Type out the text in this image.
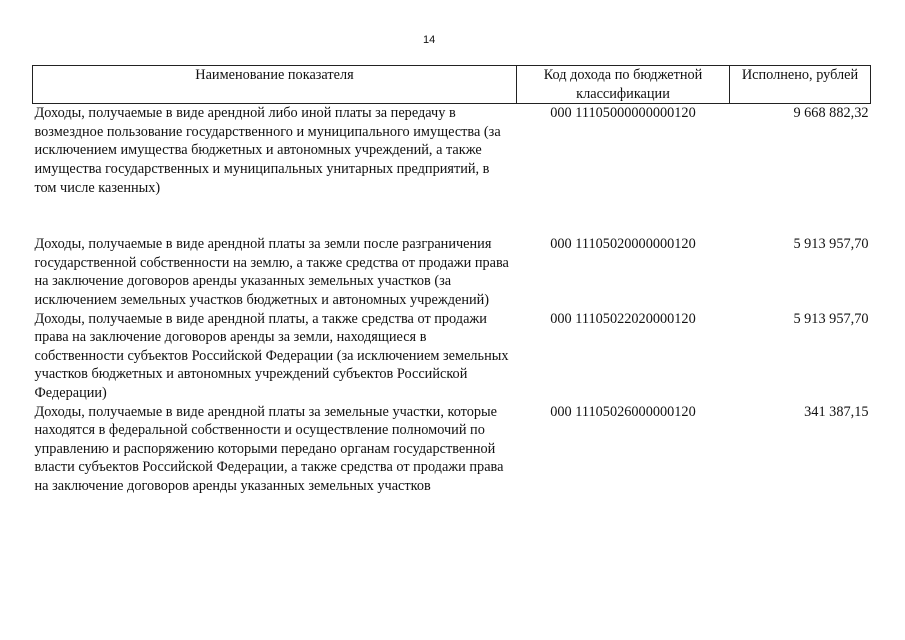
14
Наименование показателя	Код дохода по бюджетной классификации	Исполнено, рублей
Доходы, получаемые в виде арендной либо иной платы за передачу в возмездное пользование государственного и муниципального имущества (за исключением имущества бюджетных и автономных учреждений, а также имущества государственных и муниципальных унитарных предприятий, в том числе казенных)	000 11105000000000120	9 668 882,32
Доходы, получаемые в виде арендной платы за земли после разграничения государственной собственности на землю, а также средства от продажи права на заключение договоров аренды указанных земельных участков (за исключением земельных участков бюджетных и автономных учреждений)	000 11105020000000120	5 913 957,70
Доходы, получаемые в виде арендной платы, а также средства от продажи права на заключение договоров аренды за земли, находящиеся в собственности субъектов Российской Федерации (за исключением земельных участков бюджетных и автономных учреждений субъектов Российской Федерации)	000 11105022020000120	5 913 957,70
Доходы, получаемые в виде арендной платы за земельные участки, которые находятся в федеральной собственности и осуществление полномочий по управлению и распоряжению которыми передано органам государственной власти субъектов Российской Федерации, а также средства от продажи права на заключение договоров аренды указанных земельных участков	000 11105026000000120	341 387,15
